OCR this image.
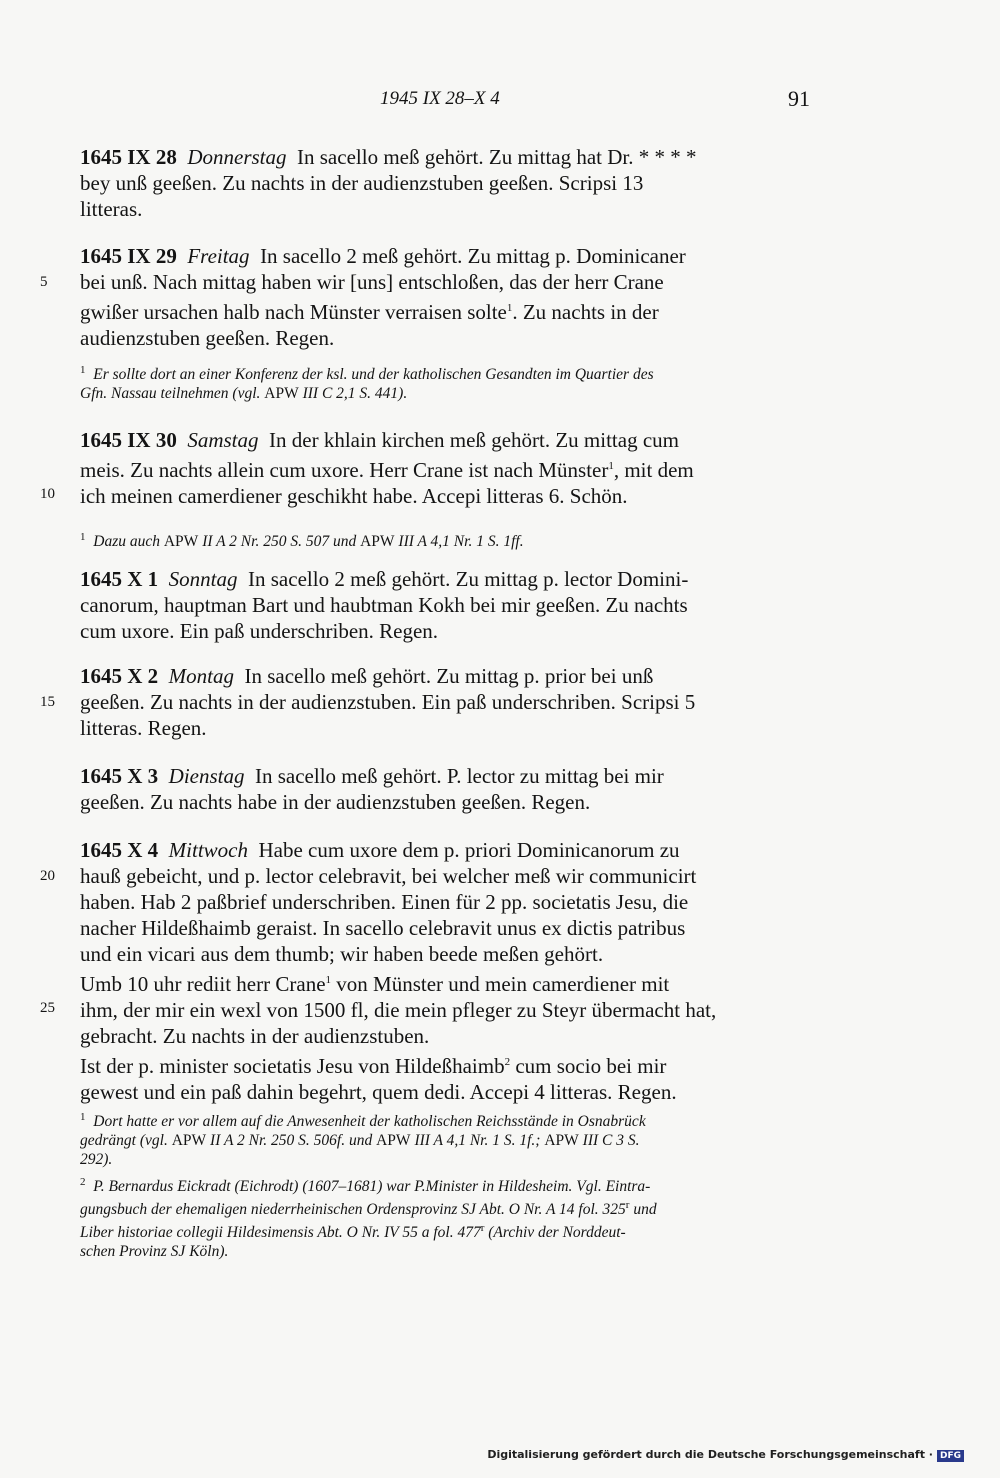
1945 IX 28–X 4	91
1645 IX 28 Donnerstag In sacello meß gehört. Zu mittag hat Dr. * * * *
bey unß geeßen. Zu nachts in der audienzstuben geeßen. Scripsi 13
litteras.
1645 IX 29 Freitag In sacello 2 meß gehört. Zu mittag p. Dominicaner
bei unß. Nach mittag haben wir [uns] entschloßen, das der herr Crane
gwißer ursachen halb nach Münster verraisen solte$^1$. Zu nachts in der
audienzstuben geeßen. Regen.
5
$^1$ Er sollte dort an einer Konferenz der ksl. und der katholischen Gesandten im Quartier des
Gfn. Nassau teilnehmen (vgl. APW III C 2,1 S. 441).
1645 IX 30 Samstag In der khlain kirchen meß gehört. Zu mittag cum
meis. Zu nachts allein cum uxore. Herr Crane ist nach Münster$^1$, mit dem
ich meinen camerdiener geschikht habe. Accepi litteras 6. Schön.
10
$^1$ Dazu auch APW II A 2 Nr. 250 S. 507 und APW III A 4,1 Nr. 1 S. 1ff.
1645 X 1 Sonntag In sacello 2 meß gehört. Zu mittag p. lector Domini-
canorum, hauptman Bart und haubtman Kokh bei mir geeßen. Zu nachts
cum uxore. Ein paß underschriben. Regen.
1645 X 2 Montag In sacello meß gehört. Zu mittag p. prior bei unß
geeßen. Zu nachts in der audienzstuben. Ein paß underschriben. Scripsi 5
litteras. Regen.
15
1645 X 3 Dienstag In sacello meß gehört. P. lector zu mittag bei mir
geeßen. Zu nachts habe in der audienzstuben geeßen. Regen.
1645 X 4 Mittwoch Habe cum uxore dem p. priori Dominicanorum zu
hauß gebeicht, und p. lector celebravit, bei welcher meß wir communicirt
haben. Hab 2 paßbrief underschriben. Einen für 2 pp. societatis Jesu, die
nacher Hildeßhaimb geraist. In sacello celebravit unus ex dictis patribus
und ein vicari aus dem thumb; wir haben beede meßen gehört.
Umb 10 uhr rediit herr Crane$^1$ von Münster und mein camerdiener mit
ihm, der mir ein wexl von 1500 fl, die mein pfleger zu Steyr übermacht hat,
gebracht. Zu nachts in der audienzstuben.
Ist der p. minister societatis Jesu von Hildeßhaimb$^2$ cum socio bei mir
gewest und ein paß dahin begehrt, quem dedi. Accepi 4 litteras. Regen.
20
25
$^1$ Dort hatte er vor allem auf die Anwesenheit der katholischen Reichsstände in Osnabrück
gedrängt (vgl. APW II A 2 Nr. 250 S. 506f. und APW III A 4,1 Nr. 1 S. 1f.; APW III C 3 S.
292).
$^2$ P. Bernardus Eickradt (Eichrodt) (1607–1681) war P.Minister in Hildesheim. Vgl. Eintra-
gungsbuch der ehemaligen niederrheinischen Ordensprovinz SJ Abt. O Nr. A 14 fol. 325$^r$ und
Liber historiae collegii Hildesimensis Abt. O Nr. IV 55 a fol. 477$^r$ (Archiv der Norddeut-
schen Provinz SJ Köln).
Digitalisierung gefördert durch die Deutsche Forschungsgemeinschaft · DFG
